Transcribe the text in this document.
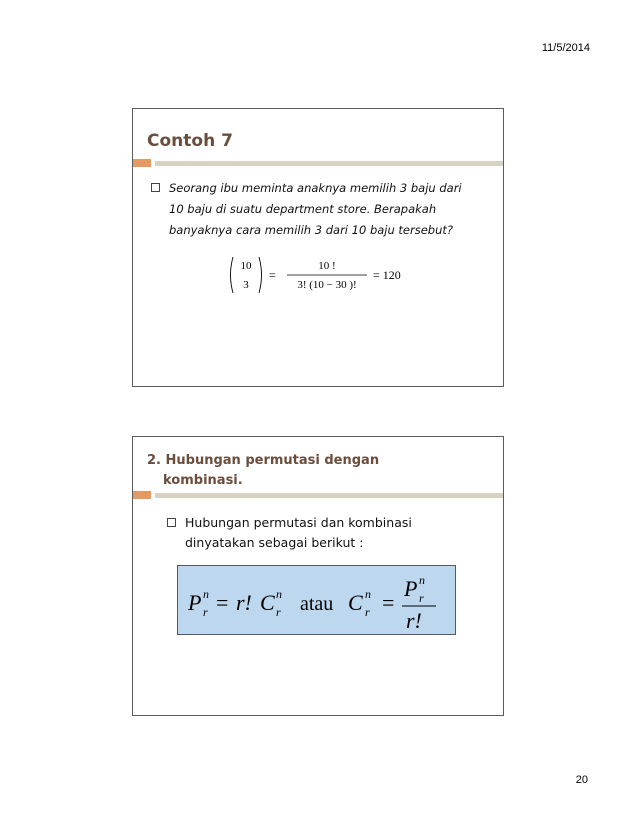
11/5/2014
Contoh 7
Seorang ibu meminta anaknya memilih 3 baju dari
10 baju di suatu department store. Berapakah
banyaknya cara memilih 3 dari 10 baju tersebut?
10
3
=
10 !
3! (10 − 30 )!
= 120
2. Hubungan permutasi dengan
kombinasi.
Hubungan permutasi dan kombinasi
dinyatakan sebagai berikut :
P n
r = r! C n
r atau C n
r =
P n
r
r!
20
